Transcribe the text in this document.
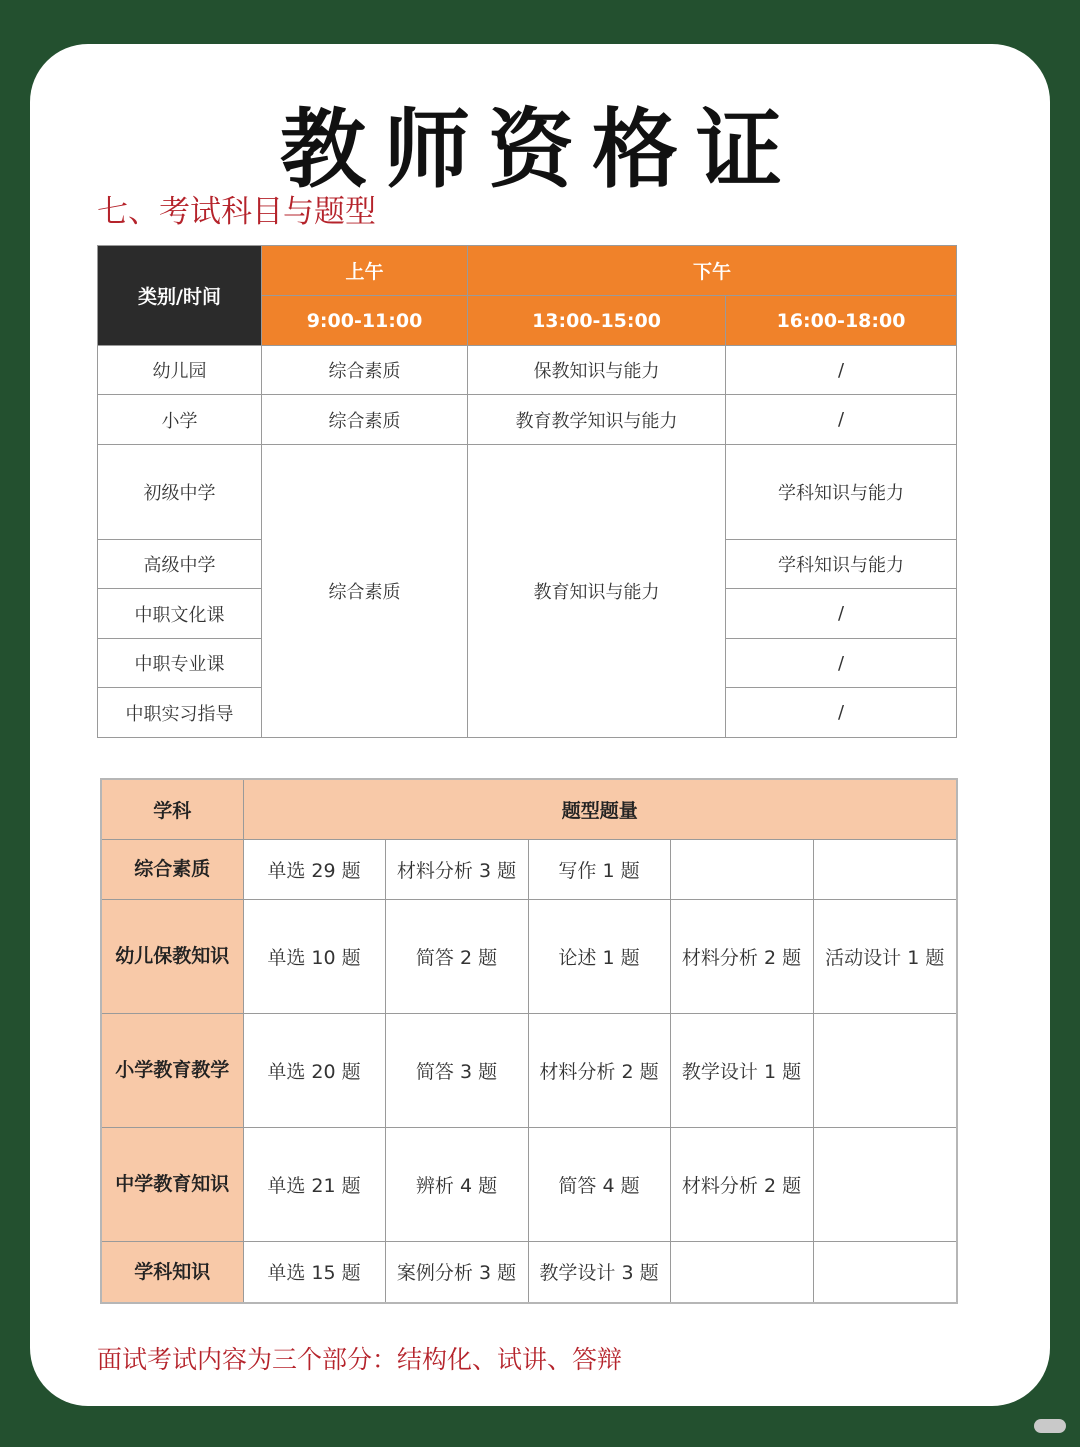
教师资格证
七、考试科目与题型
类别/时间	上午	下午	
	9:00-11:00	13:00-15:00	16:00-18:00
幼儿园	综合素质	保教知识与能力	/
小学	综合素质	教育教学知识与能力	/
初级中学	综合素质	教育知识与能力	学科知识与能力
高级中学			学科知识与能力
中职文化课			/
中职专业课			/
中职实习指导			/
学科	题型题量				
综合素质	单选 29 题	材料分析 3 题	写作 1 题		
幼儿保教知识	单选 10 题	简答 2 题	论述 1 题	材料分析 2 题	活动设计 1 题
小学教育教学	单选 20 题	简答 3 题	材料分析 2 题	教学设计 1 题	
中学教育知识	单选 21 题	辨析 4 题	简答 4 题	材料分析 2 题	
学科知识	单选 15 题	案例分析 3 题	教学设计 3 题		
面试考试内容为三个部分：结构化、试讲、答辩
